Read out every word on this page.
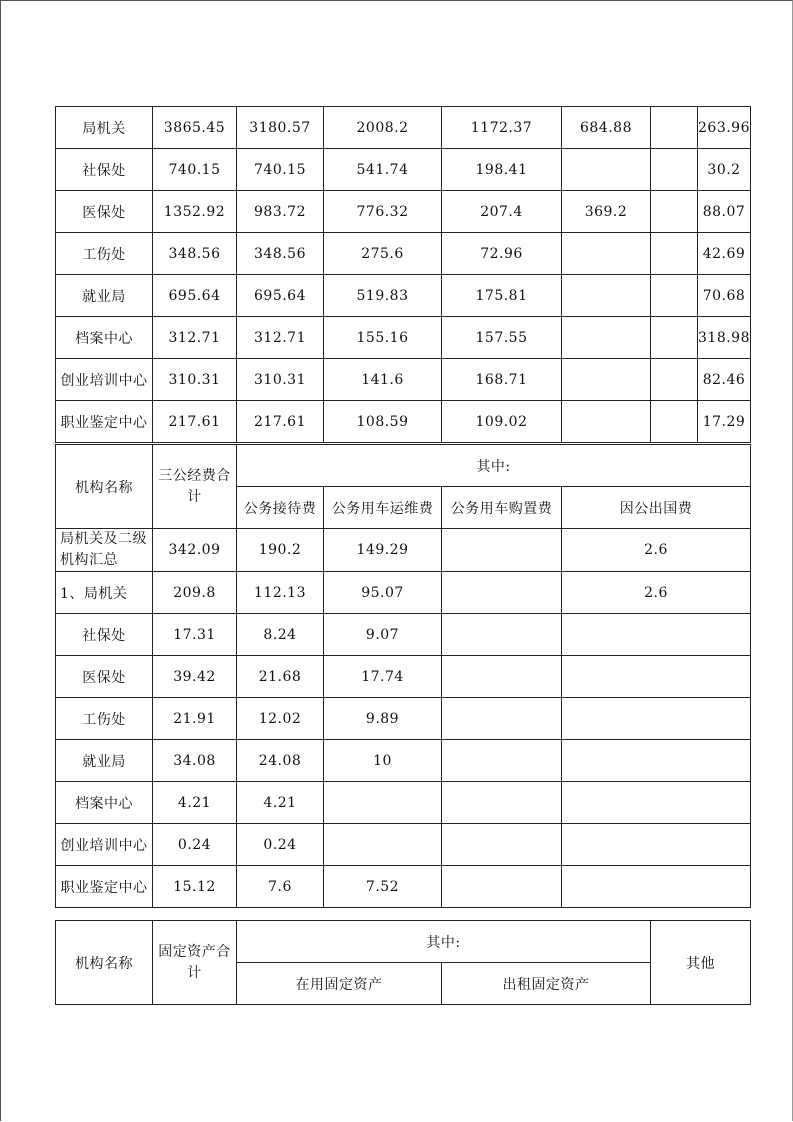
局机关	3865.45	3180.57	2008.2	1172.37	684.88		263.96
社保处	740.15	740.15	541.74	198.41			30.2
医保处	1352.92	983.72	776.32	207.4	369.2		88.07
工伤处	348.56	348.56	275.6	72.96			42.69
就业局	695.64	695.64	519.83	175.81			70.68
档案中心	312.71	312.71	155.16	157.55			318.98
创业培训中心	310.31	310.31	141.6	168.71			82.46
职业鉴定中心	217.61	217.61	108.59	109.02			17.29
机构名称	三公经费合计	其中:			
		公务接待费	公务用车运维费	公务用车购置费	因公出国费
局机关及二级机构汇总	342.09	190.2	149.29		2.6
1、局机关	209.8	112.13	95.07		2.6
社保处	17.31	8.24	9.07		
医保处	39.42	21.68	17.74		
工伤处	21.91	12.02	9.89		
就业局	34.08	24.08	10		
档案中心	4.21	4.21			
创业培训中心	0.24	0.24			
职业鉴定中心	15.12	7.6	7.52		
机构名称	固定资产合计	其中:		其他
		在用固定资产	出租固定资产	
